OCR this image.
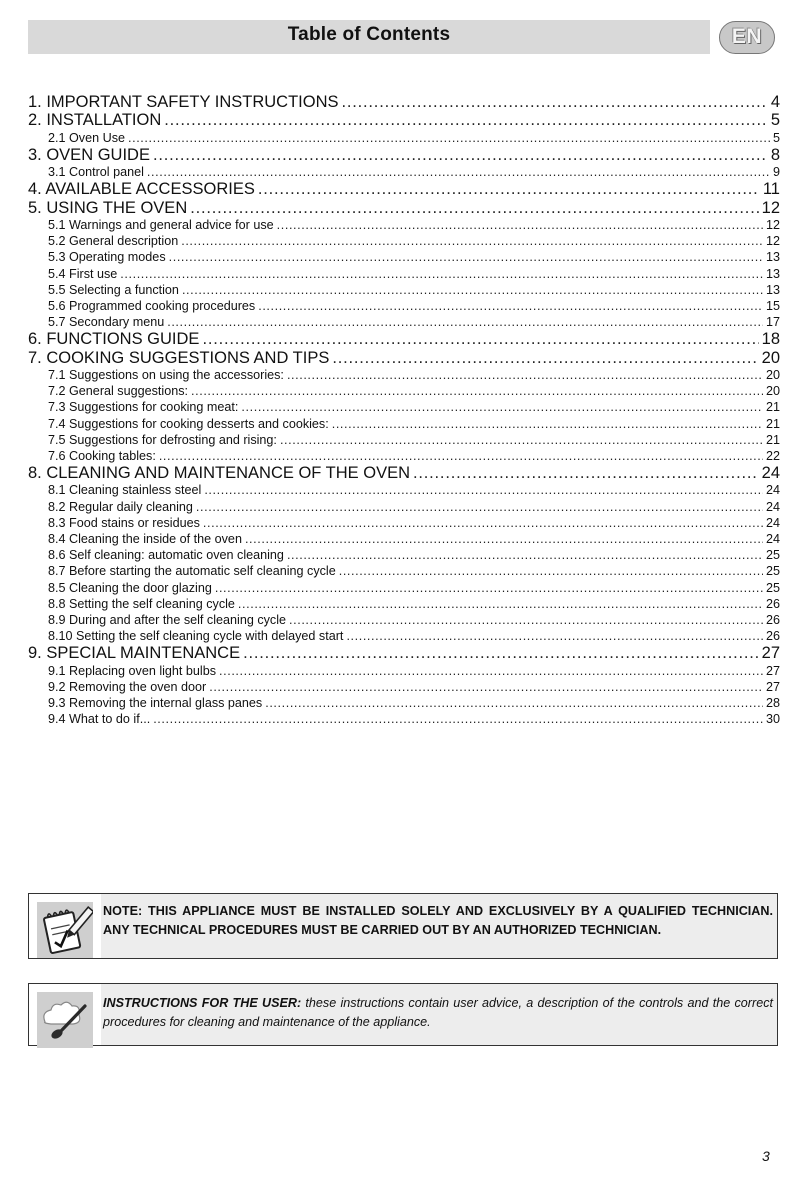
Table of Contents	EN
1. IMPORTANT SAFETY INSTRUCTIONS .....	4
2. INSTALLATION .....	5
2.1 Oven Use .....	5
3. OVEN GUIDE .....	8
3.1 Control panel .....	9
4. AVAILABLE ACCESSORIES .....	11
5. USING THE OVEN .....	12
5.1 Warnings and general advice for use .....	12
5.2 General description .....	12
5.3 Operating modes .....	13
5.4 First use .....	13
5.5 Selecting a function .....	13
5.6 Programmed cooking procedures .....	15
5.7 Secondary menu .....	17
6. FUNCTIONS GUIDE .....	18
7. COOKING SUGGESTIONS AND TIPS .....	20
7.1 Suggestions on using the accessories: .....	20
7.2 General suggestions: .....	20
7.3 Suggestions for cooking meat: .....	21
7.4 Suggestions for cooking desserts and cookies: .....	21
7.5 Suggestions for defrosting and rising: .....	21
7.6 Cooking tables: .....	22
8. CLEANING AND MAINTENANCE OF THE OVEN .....	24
8.1 Cleaning stainless steel .....	24
8.2 Regular daily cleaning .....	24
8.3 Food stains or residues .....	24
8.4 Cleaning the inside of the oven .....	24
8.6 Self cleaning: automatic oven cleaning .....	25
8.7 Before starting the automatic self cleaning cycle .....	25
8.5 Cleaning the door glazing .....	25
8.8 Setting the self cleaning cycle .....	26
8.9 During and after the self cleaning cycle .....	26
8.10 Setting the self cleaning cycle with delayed start .....	26
9. SPECIAL MAINTENANCE .....	27
9.1 Replacing oven light bulbs .....	27
9.2 Removing the oven door .....	27
9.3 Removing the internal glass panes .....	28
9.4 What to do if... .....	30
NOTE: THIS APPLIANCE MUST BE INSTALLED SOLELY AND EXCLUSIVELY BY A QUALIFIED TECHNICIAN. ANY TECHNICAL PROCEDURES MUST BE CARRIED OUT BY AN AUTHORIZED TECHNICIAN.
INSTRUCTIONS FOR THE USER: these instructions contain user advice, a description of the controls and the correct procedures for cleaning and maintenance of the appliance.
3
